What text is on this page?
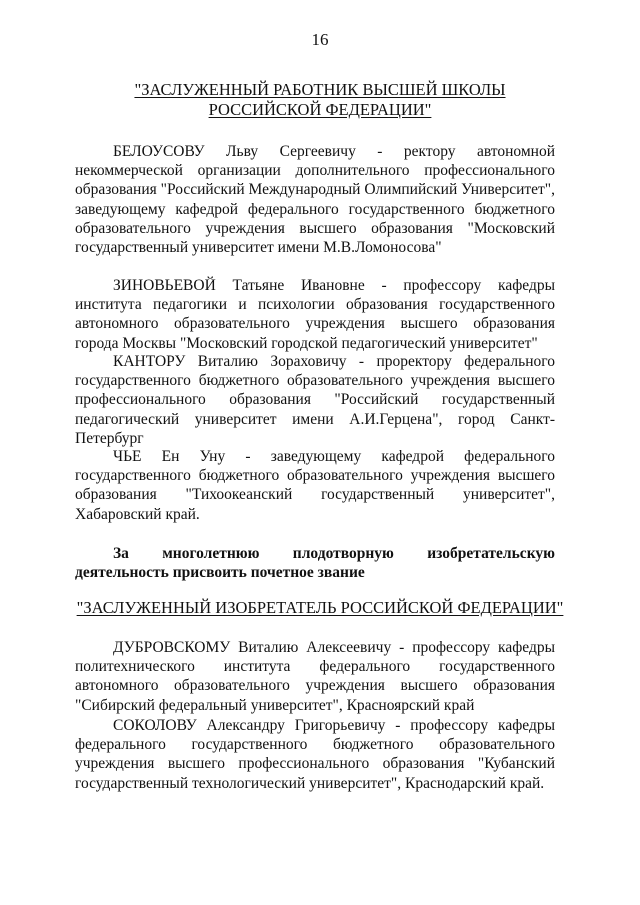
16
"ЗАСЛУЖЕННЫЙ РАБОТНИК ВЫСШЕЙ ШКОЛЫ
РОССИЙСКОЙ ФЕДЕРАЦИИ"

БЕЛОУСОВУ Льву Сергеевичу - ректору автономной некоммерческой организации дополнительного профессионального образования "Российский Международный Олимпийский Университет", заведующему кафедрой федерального государственного бюджетного образовательного учреждения высшего образования "Московский государственный университет имени М.В.Ломоносова"

ЗИНОВЬЕВОЙ Татьяне Ивановне - профессору кафедры института педагогики и психологии образования государственного автономного образовательного учреждения высшего образования города Москвы "Московский городской педагогический университет"

КАНТОРУ Виталию Зораховичу - проректору федерального государственного бюджетного образовательного учреждения высшего профессионального образования "Российский государственный педагогический университет имени А.И.Герцена", город Санкт-Петербург

ЧЬЕ Ен Уну - заведующему кафедрой федерального государственного бюджетного образовательного учреждения высшего образования "Тихоокеанский государственный университет", Хабаровский край.

За многолетнюю плодотворную изобретательскую деятельность присвоить почетное звание

"ЗАСЛУЖЕННЫЙ ИЗОБРЕТАТЕЛЬ РОССИЙСКОЙ ФЕДЕРАЦИИ"

ДУБРОВСКОМУ Виталию Алексеевичу - профессору кафедры политехнического института федерального государственного автономного образовательного учреждения высшего образования "Сибирский федеральный университет", Красноярский край

СОКОЛОВУ Александру Григорьевичу - профессору кафедры федерального государственного бюджетного образовательного учреждения высшего профессионального образования "Кубанский государственный технологический университет", Краснодарский край.
